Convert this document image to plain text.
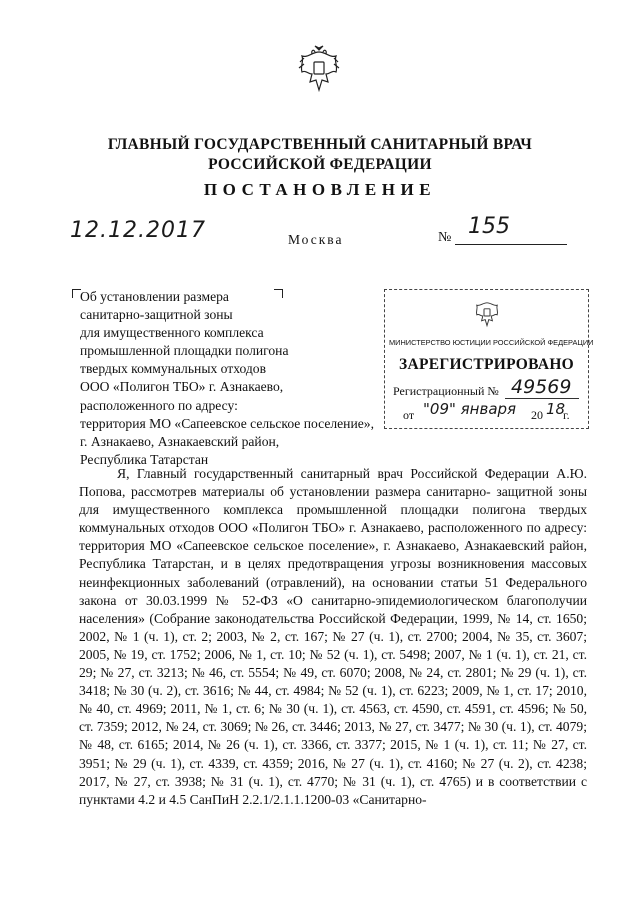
ГЛАВНЫЙ ГОСУДАРСТВЕННЫЙ САНИТАРНЫЙ ВРАЧ
РОССИЙСКОЙ ФЕДЕРАЦИИ
ПОСТАНОВЛЕНИЕ
12.12.2017	Москва	№ 155
Об установлении размера
санитарно-защитной зоны
для имущественного комплекса
промышленной площадки полигона
твердых коммунальных отходов
ООО «Полигон ТБО» г. Азнакаево,
расположенного по адресу:
территория МО «Сапеевское сельское поселение»,
г. Азнакаево, Азнакаевский район,
Республика Татарстан
МИНИСТЕРСТВО ЮСТИЦИИ РОССИЙСКОЙ ФЕДЕРАЦИИ
ЗАРЕГИСТРИРОВАНО
Регистрационный № 49569
от "09" января 20 18
г.

Я, Главный государственный санитарный врач Российской Федерации А.Ю. Попова, рассмотрев материалы об установлении размера санитарно- защитной зоны для имущественного комплекса промышленной площадки полигона твердых коммунальных отходов ООО «Полигон ТБО» г. Азнакаево, расположенного по адресу: территория МО «Сапеевское сельское поселение», г. Азнакаево, Азнакаевский район, Республика Татарстан, и в целях предотвращения угрозы возникновения массовых неинфекционных заболеваний (отравлений), на основании статьи 51 Федерального закона от 30.03.1999 № 52-ФЗ «О санитарно-эпидемиологическом благополучии населения» (Собрание законодательства Российской Федерации, 1999, № 14, ст. 1650; 2002, № 1 (ч. 1), ст. 2; 2003, № 2, ст. 167; № 27 (ч. 1), ст. 2700; 2004, № 35, ст. 3607; 2005, № 19, ст. 1752; 2006, № 1, ст. 10; № 52 (ч. 1), ст. 5498; 2007, № 1 (ч. 1), ст. 21, ст. 29; № 27, ст. 3213; № 46, ст. 5554; № 49, ст. 6070; 2008, № 24, ст. 2801; № 29 (ч. 1), ст. 3418; № 30 (ч. 2), ст. 3616; № 44, ст. 4984; № 52 (ч. 1), ст. 6223; 2009, № 1, ст. 17; 2010, № 40, ст. 4969; 2011, № 1, ст. 6; № 30 (ч. 1), ст. 4563, ст. 4590, ст. 4591, ст. 4596; № 50, ст. 7359; 2012, № 24, ст. 3069; № 26, ст. 3446; 2013, № 27, ст. 3477; № 30 (ч. 1), ст. 4079; № 48, ст. 6165; 2014, № 26 (ч. 1), ст. 3366, ст. 3377; 2015, № 1 (ч. 1), ст. 11; № 27, ст. 3951; № 29 (ч. 1), ст. 4339, ст. 4359; 2016, № 27 (ч. 1), ст. 4160; № 27 (ч. 2), ст. 4238; 2017, № 27, ст. 3938; № 31 (ч. 1), ст. 4770; № 31 (ч. 1), ст. 4765) и в соответствии с пунктами 4.2 и 4.5 СанПиН 2.2.1/2.1.1.1200-03 «Санитарно-
